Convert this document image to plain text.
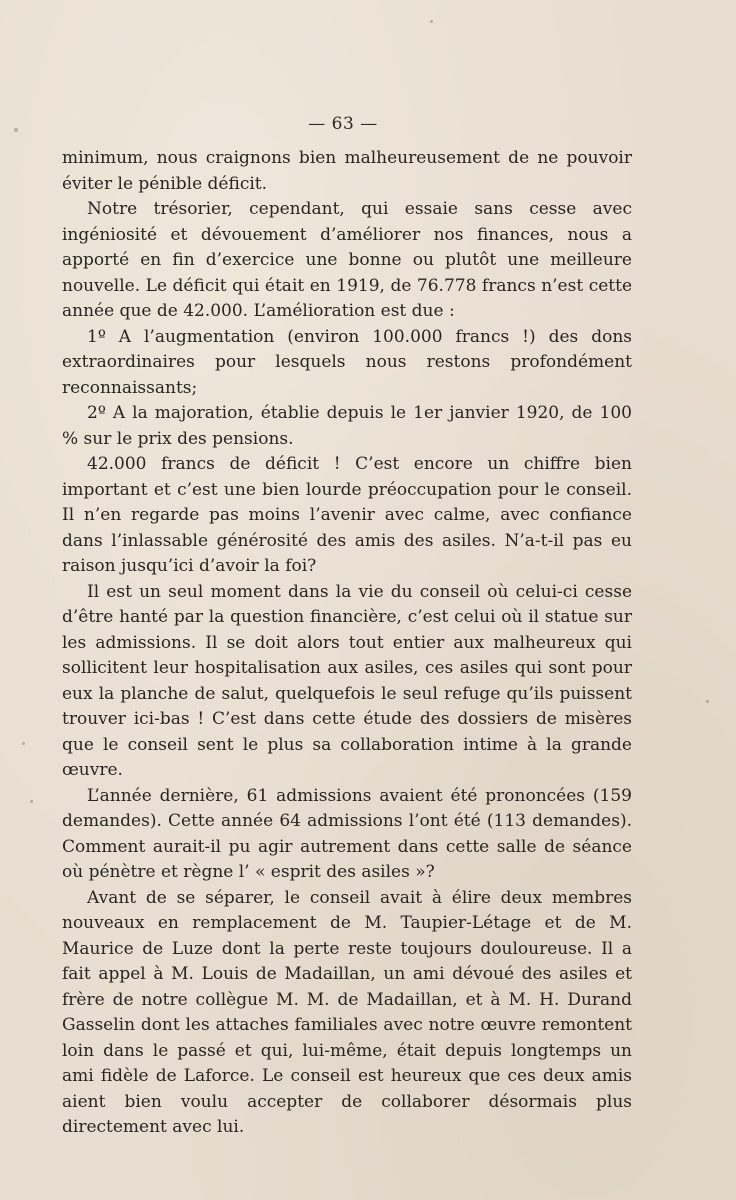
— 63 —

minimum, nous craignons bien malheureusement de ne pouvoir éviter le pénible déficit.

Notre trésorier, cependant, qui essaie sans cesse avec ingéniosité et dévouement d’améliorer nos finances, nous a apporté en fin d’exercice une bonne ou plutôt une meilleure nouvelle. Le déficit qui était en 1919, de 76.778 francs n’est cette année que de 42.000. L’amélioration est due :

1º A l’augmentation (environ 100.000 francs !) des dons extraordinaires pour lesquels nous restons profondément reconnaissants;

2º A la majoration, établie depuis le 1er janvier 1920, de 100 % sur le prix des pensions.

42.000 francs de déficit ! C’est encore un chiffre bien important et c’est une bien lourde préoccupation pour le conseil. Il n’en regarde pas moins l’avenir avec calme, avec confiance dans l’inlassable générosité des amis des asiles. N’a-t-il pas eu raison jusqu’ici d’avoir la foi?

Il est un seul moment dans la vie du conseil où celui-ci cesse d’être hanté par la question financière, c’est celui où il statue sur les admissions. Il se doit alors tout entier aux malheureux qui sollicitent leur hospitalisation aux asiles, ces asiles qui sont pour eux la planche de salut, quelquefois le seul refuge qu’ils puissent trouver ici-bas ! C’est dans cette étude des dossiers de misères que le conseil sent le plus sa collaboration intime à la grande œuvre.

L’année dernière, 61 admissions avaient été prononcées (159 demandes). Cette année 64 admissions l’ont été (113 demandes). Comment aurait-il pu agir autrement dans cette salle de séance où pénètre et règne l’ « esprit des asiles »?

Avant de se séparer, le conseil avait à élire deux membres nouveaux en remplacement de M. Taupier-Létage et de M. Maurice de Luze dont la perte reste toujours douloureuse. Il a fait appel à M. Louis de Madaillan, un ami dévoué des asiles et frère de notre collègue M. M. de Madaillan, et à M. H. Durand Gasselin dont les attaches familiales avec notre œuvre remontent loin dans le passé et qui, lui-même, était depuis longtemps un ami fidèle de Laforce. Le conseil est heureux que ces deux amis aient bien voulu accepter de collaborer désormais plus directement avec lui.
